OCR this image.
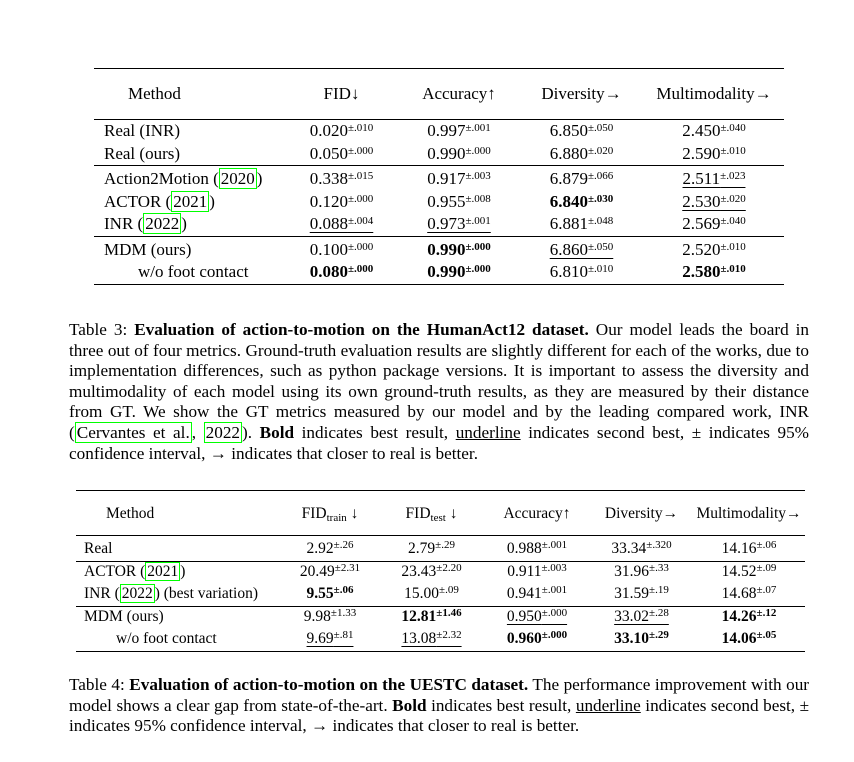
Method	FID↓	Accuracy↑	Diversity→	Multimodality→
Real (INR)	$0.020^{\pm.010}$	$0.997^{\pm.001}$	$6.850^{\pm.050}$	$2.450^{\pm.040}$
Real (ours)	$0.050^{\pm.000}$	$0.990^{\pm.000}$	$6.880^{\pm.020}$	$2.590^{\pm.010}$
Action2Motion ( 2020 )	$0.338^{\pm.015}$	$0.917^{\pm.003}$	$6.879^{\pm.066}$	$2.511^{\pm.023}$
ACTOR ( 2021 )	$0.120^{\pm.000}$	$0.955^{\pm.008}$	$6.840^{\pm.030}$	$2.530^{\pm.020}$
INR ( 2022 )	$0.088^{\pm.004}$	$0.973^{\pm.001}$	$6.881^{\pm.048}$	$2.569^{\pm.040}$
MDM (ours)	$0.100^{\pm.000}$	$0.990^{\pm.000}$	$6.860^{\pm.050}$	$2.520^{\pm.010}$
w/o foot contact	$0.080^{\pm.000}$	$0.990^{\pm.000}$	$6.810^{\pm.010}$	$2.580^{\pm.010}$
Table 3: Evaluation of action-to-motion on the HumanAct12 dataset. Our model leads the board in three out of four metrics. Ground-truth evaluation results are slightly different for each of the works, due to implementation differences, such as python package versions. It is important to assess the diversity and multimodality of each model using its own ground-truth results, as they are measured by their distance from GT. We show the GT metrics measured by our model and by the leading compared work, INR ( Cervantes et al. , 2022 ). Bold indicates best result, underline indicates second best, ± indicates 95% confidence interval, → indicates that closer to real is better.
Method	$FID_{train}$ ↓	$FID_{test}$ ↓	Accuracy↑	Diversity→	Multimodality→
Real	$2.92^{\pm.26}$	$2.79^{\pm.29}$	$0.988^{\pm.001}$	$33.34^{\pm.320}$	$14.16^{\pm.06}$
ACTOR ( 2021 )	$20.49^{\pm 2.31}$	$23.43^{\pm 2.20}$	$0.911^{\pm.003}$	$31.96^{\pm.33}$	$14.52^{\pm.09}$
INR ( 2022 ) (best variation)	$9.55^{\pm.06}$	$15.00^{\pm.09}$	$0.941^{\pm.001}$	$31.59^{\pm.19}$	$14.68^{\pm.07}$
MDM (ours)	$9.98^{\pm 1.33}$	$12.81^{\pm 1.46}$	$0.950^{\pm.000}$	$33.02^{\pm.28}$	$14.26^{\pm.12}$
w/o foot contact	$9.69^{\pm.81}$	$13.08^{\pm 2.32}$	$0.960^{\pm.000}$	$33.10^{\pm.29}$	$14.06^{\pm.05}$
Table 4: Evaluation of action-to-motion on the UESTC dataset. The performance improvement with our model shows a clear gap from state-of-the-art. Bold indicates best result, underline indicates second best, ± indicates 95% confidence interval, → indicates that closer to real is better.
